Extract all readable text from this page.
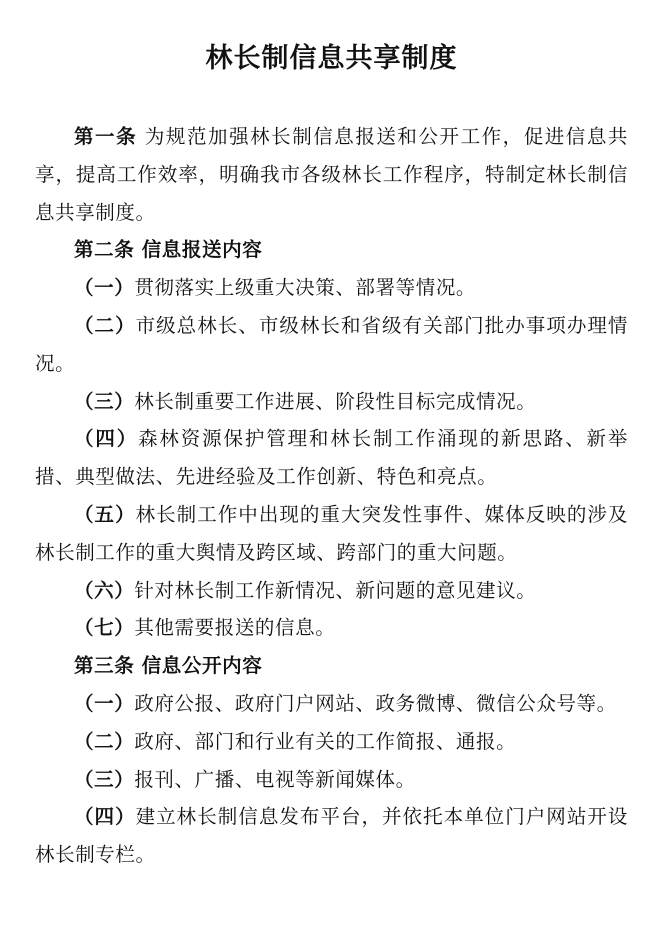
林长制信息共享制度

第一条 为规范加强林长制信息报送和公开工作，促进信息共享，提高工作效率，明确我市各级林长工作程序，特制定林长制信息共享制度。

第二条 信息报送内容

（一）贯彻落实上级重大决策、部署等情况。

（二）市级总林长、市级林长和省级有关部门批办事项办理情况。

（三）林长制重要工作进展、阶段性目标完成情况。

（四）森林资源保护管理和林长制工作涌现的新思路、新举措、典型做法、先进经验及工作创新、特色和亮点。

（五）林长制工作中出现的重大突发性事件、媒体反映的涉及林长制工作的重大舆情及跨区域、跨部门的重大问题。

（六）针对林长制工作新情况、新问题的意见建议。

（七）其他需要报送的信息。

第三条 信息公开内容

（一）政府公报、政府门户网站、政务微博、微信公众号等。

（二）政府、部门和行业有关的工作简报、通报。

（三）报刊、广播、电视等新闻媒体。

（四）建立林长制信息发布平台，并依托本单位门户网站开设林长制专栏。
